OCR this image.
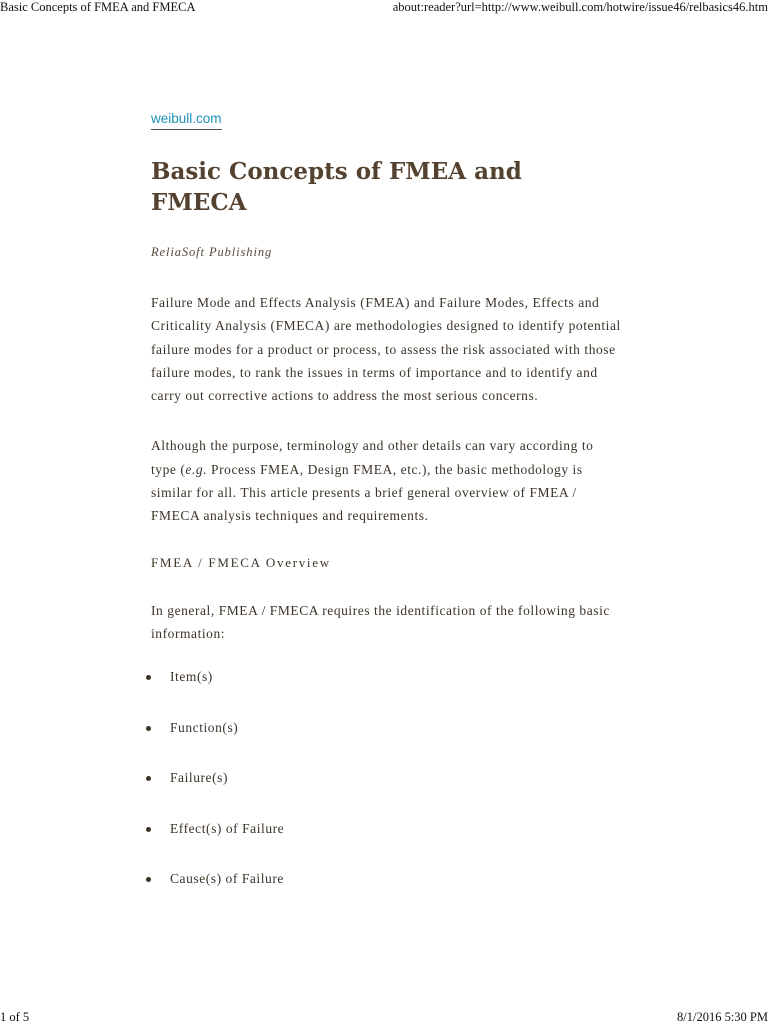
Basic Concepts of FMEA and FMECA	about:reader?url=http://www.weibull.com/hotwire/issue46/relbasics46.htm
weibull.com
Basic Concepts of FMEA and FMECA
ReliaSoft Publishing

Failure Mode and Effects Analysis (FMEA) and Failure Modes, Effects and Criticality Analysis (FMECA) are methodologies designed to identify potential failure modes for a product or process, to assess the risk associated with those failure modes, to rank the issues in terms of importance and to identify and carry out corrective actions to address the most serious concerns.

Although the purpose, terminology and other details can vary according to type (e.g. Process FMEA, Design FMEA, etc.), the basic methodology is similar for all. This article presents a brief general overview of FMEA / FMECA analysis techniques and requirements.

FMEA / FMECA Overview

In general, FMEA / FMECA requires the identification of the following basic information:

Item(s)
Function(s)
Failure(s)
Effect(s) of Failure
Cause(s) of Failure
1 of 5	8/1/2016 5:30 PM
